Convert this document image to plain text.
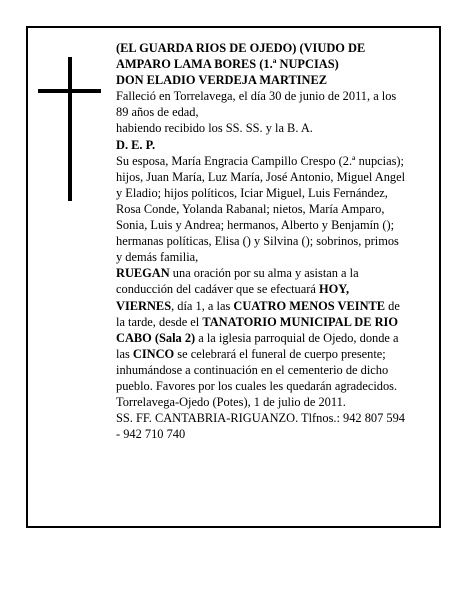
(EL GUARDA RIOS DE OJEDO) (VIUDO DE AMPARO LAMA BORES (1.ª NUPCIAS)

DON ELADIO VERDEJA MARTINEZ

Falleció en Torrelavega, el día 30 de junio de 2011, a los 89 años de edad,

habiendo recibido los SS. SS. y la B. A.

D. E. P.

Su esposa, María Engracia Campillo Crespo (2.ª nupcias); hijos, Juan María, Luz María, José Antonio, Miguel Angel y Eladio; hijos políticos, Iciar Miguel, Luis Fernández, Rosa Conde, Yolanda Rabanal; nietos, María Amparo, Sonia, Luis y Andrea; hermanos, Alberto y Benjamín (); hermanas políticas, Elisa () y Silvina (); sobrinos, primos y demás familia,

RUEGAN una oración por su alma y asistan a la conducción del cadáver que se efectuará HOY, VIERNES, día 1, a las CUATRO MENOS VEINTE de la tarde, desde el TANATORIO MUNICIPAL DE RIO CABO (Sala 2) a la iglesia parroquial de Ojedo, donde a las CINCO se celebrará el funeral de cuerpo presente; inhumándose a continuación en el cementerio de dicho pueblo. Favores por los cuales les quedarán agradecidos.

Torrelavega-Ojedo (Potes), 1 de julio de 2011.

SS. FF. CANTABRIA-RIGUANZO. Tlfnos.: 942 807 594 - 942 710 740
